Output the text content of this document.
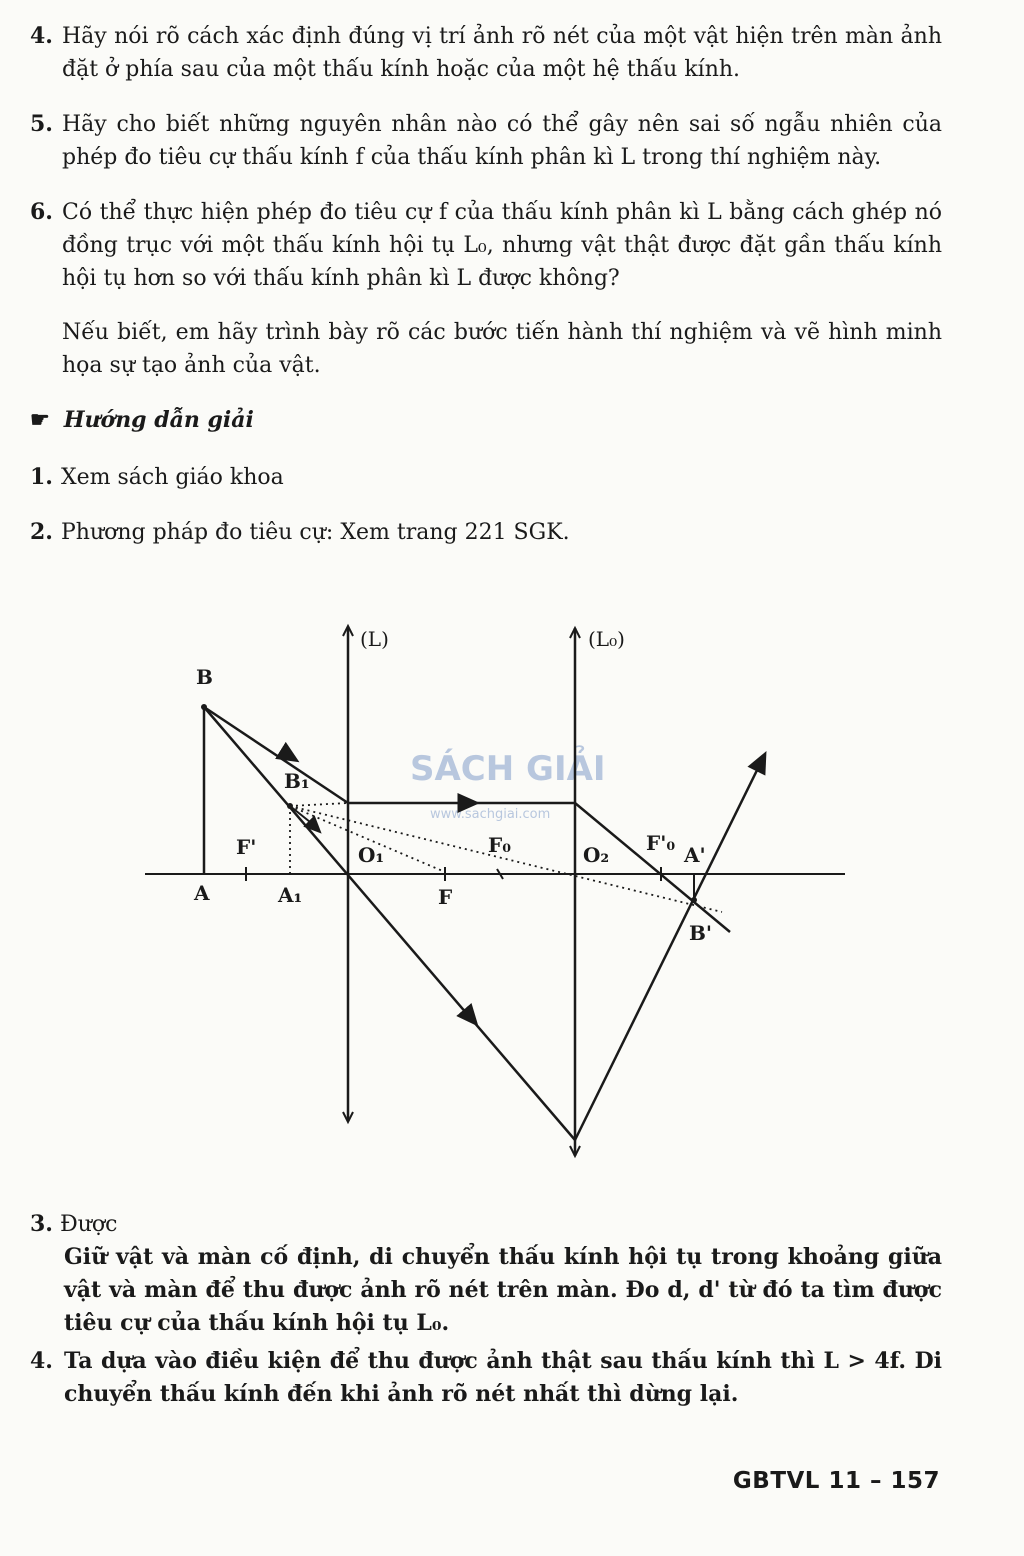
4. Hãy nói rõ cách xác định đúng vị trí ảnh rõ nét của một vật hiện trên màn ảnh đặt ở phía sau của một thấu kính hoặc của một hệ thấu kính.
5. Hãy cho biết những nguyên nhân nào có thể gây nên sai số ngẫu nhiên của phép đo tiêu cự thấu kính f của thấu kính phân kì L trong thí nghiệm này.
6. Có thể thực hiện phép đo tiêu cự f của thấu kính phân kì L bằng cách ghép nó đồng trục với một thấu kính hội tụ L₀, nhưng vật thật được đặt gần thấu kính hội tụ hơn so với thấu kính phân kì L được không?
Nếu biết, em hãy trình bày rõ các bước tiến hành thí nghiệm và vẽ hình minh họa sự tạo ảnh của vật.
☛ Hướng dẫn giải
1. Xem sách giáo khoa
2. Phương pháp đo tiêu cự: Xem trang 221 SGK.
SÁCH GIẢI
www.sachgiai.com
(L)	(L₀)
B
B₁
A	A₁
F'
F
O₁	O₂
F₀	F'₀ A'
B'
3. Được
Giữ vật và màn cố định, di chuyển thấu kính hội tụ trong khoảng giữa vật và màn để thu được ảnh rõ nét trên màn. Đo d, d' từ đó ta tìm được tiêu cự của thấu kính hội tụ L₀.
4. Ta dựa vào điều kiện để thu được ảnh thật sau thấu kính thì L > 4f. Di chuyển thấu kính đến khi ảnh rõ nét nhất thì dừng lại.
GBTVL 11 – 157
